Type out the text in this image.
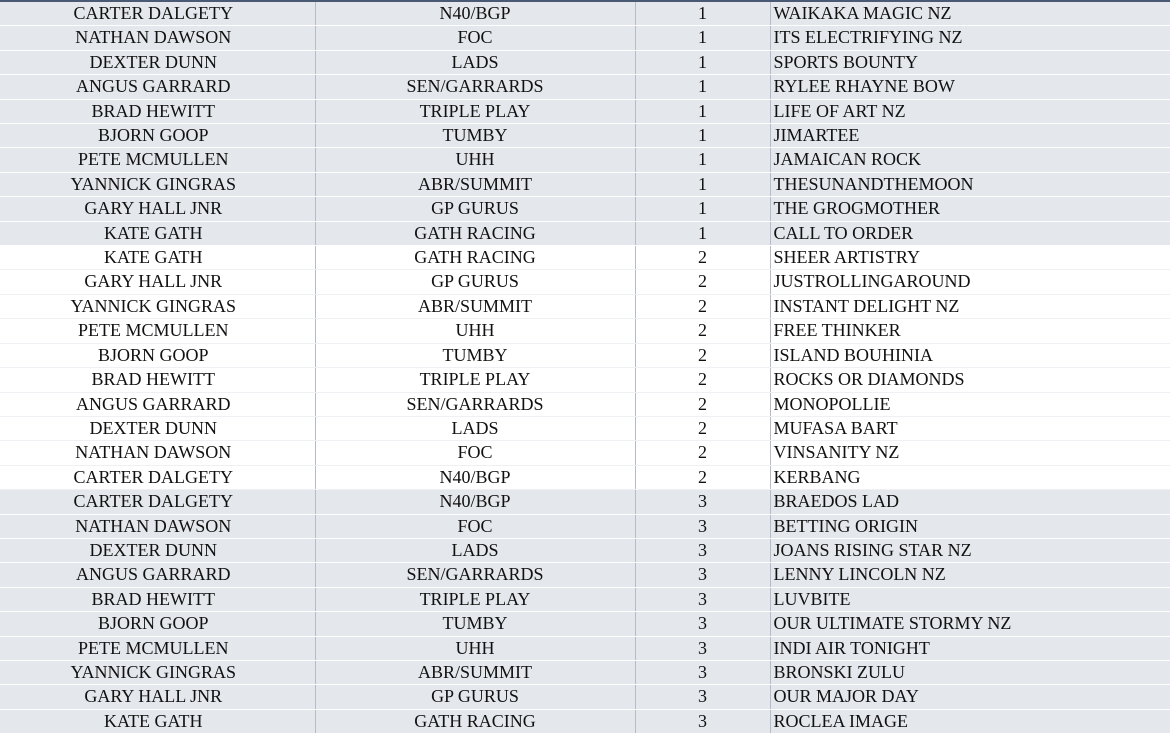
CARTER DALGETY	N40/BGP	1	WAIKAKA MAGIC NZ
NATHAN DAWSON	FOC	1	ITS ELECTRIFYING NZ
DEXTER DUNN	LADS	1	SPORTS BOUNTY
ANGUS GARRARD	SEN/GARRARDS	1	RYLEE RHAYNE BOW
BRAD HEWITT	TRIPLE PLAY	1	LIFE OF ART NZ
BJORN GOOP	TUMBY	1	JIMARTEE
PETE MCMULLEN	UHH	1	JAMAICAN ROCK
YANNICK GINGRAS	ABR/SUMMIT	1	THESUNANDTHEMOON
GARY HALL JNR	GP GURUS	1	THE GROGMOTHER
KATE GATH	GATH RACING	1	CALL TO ORDER
KATE GATH	GATH RACING	2	SHEER ARTISTRY
GARY HALL JNR	GP GURUS	2	JUSTROLLINGAROUND
YANNICK GINGRAS	ABR/SUMMIT	2	INSTANT DELIGHT NZ
PETE MCMULLEN	UHH	2	FREE THINKER
BJORN GOOP	TUMBY	2	ISLAND BOUHINIA
BRAD HEWITT	TRIPLE PLAY	2	ROCKS OR DIAMONDS
ANGUS GARRARD	SEN/GARRARDS	2	MONOPOLLIE
DEXTER DUNN	LADS	2	MUFASA BART
NATHAN DAWSON	FOC	2	VINSANITY NZ
CARTER DALGETY	N40/BGP	2	KERBANG
CARTER DALGETY	N40/BGP	3	BRAEDOS LAD
NATHAN DAWSON	FOC	3	BETTING ORIGIN
DEXTER DUNN	LADS	3	JOANS RISING STAR NZ
ANGUS GARRARD	SEN/GARRARDS	3	LENNY LINCOLN NZ
BRAD HEWITT	TRIPLE PLAY	3	LUVBITE
BJORN GOOP	TUMBY	3	OUR ULTIMATE STORMY NZ
PETE MCMULLEN	UHH	3	INDI AIR TONIGHT
YANNICK GINGRAS	ABR/SUMMIT	3	BRONSKI ZULU
GARY HALL JNR	GP GURUS	3	OUR MAJOR DAY
KATE GATH	GATH RACING	3	ROCLEA IMAGE
